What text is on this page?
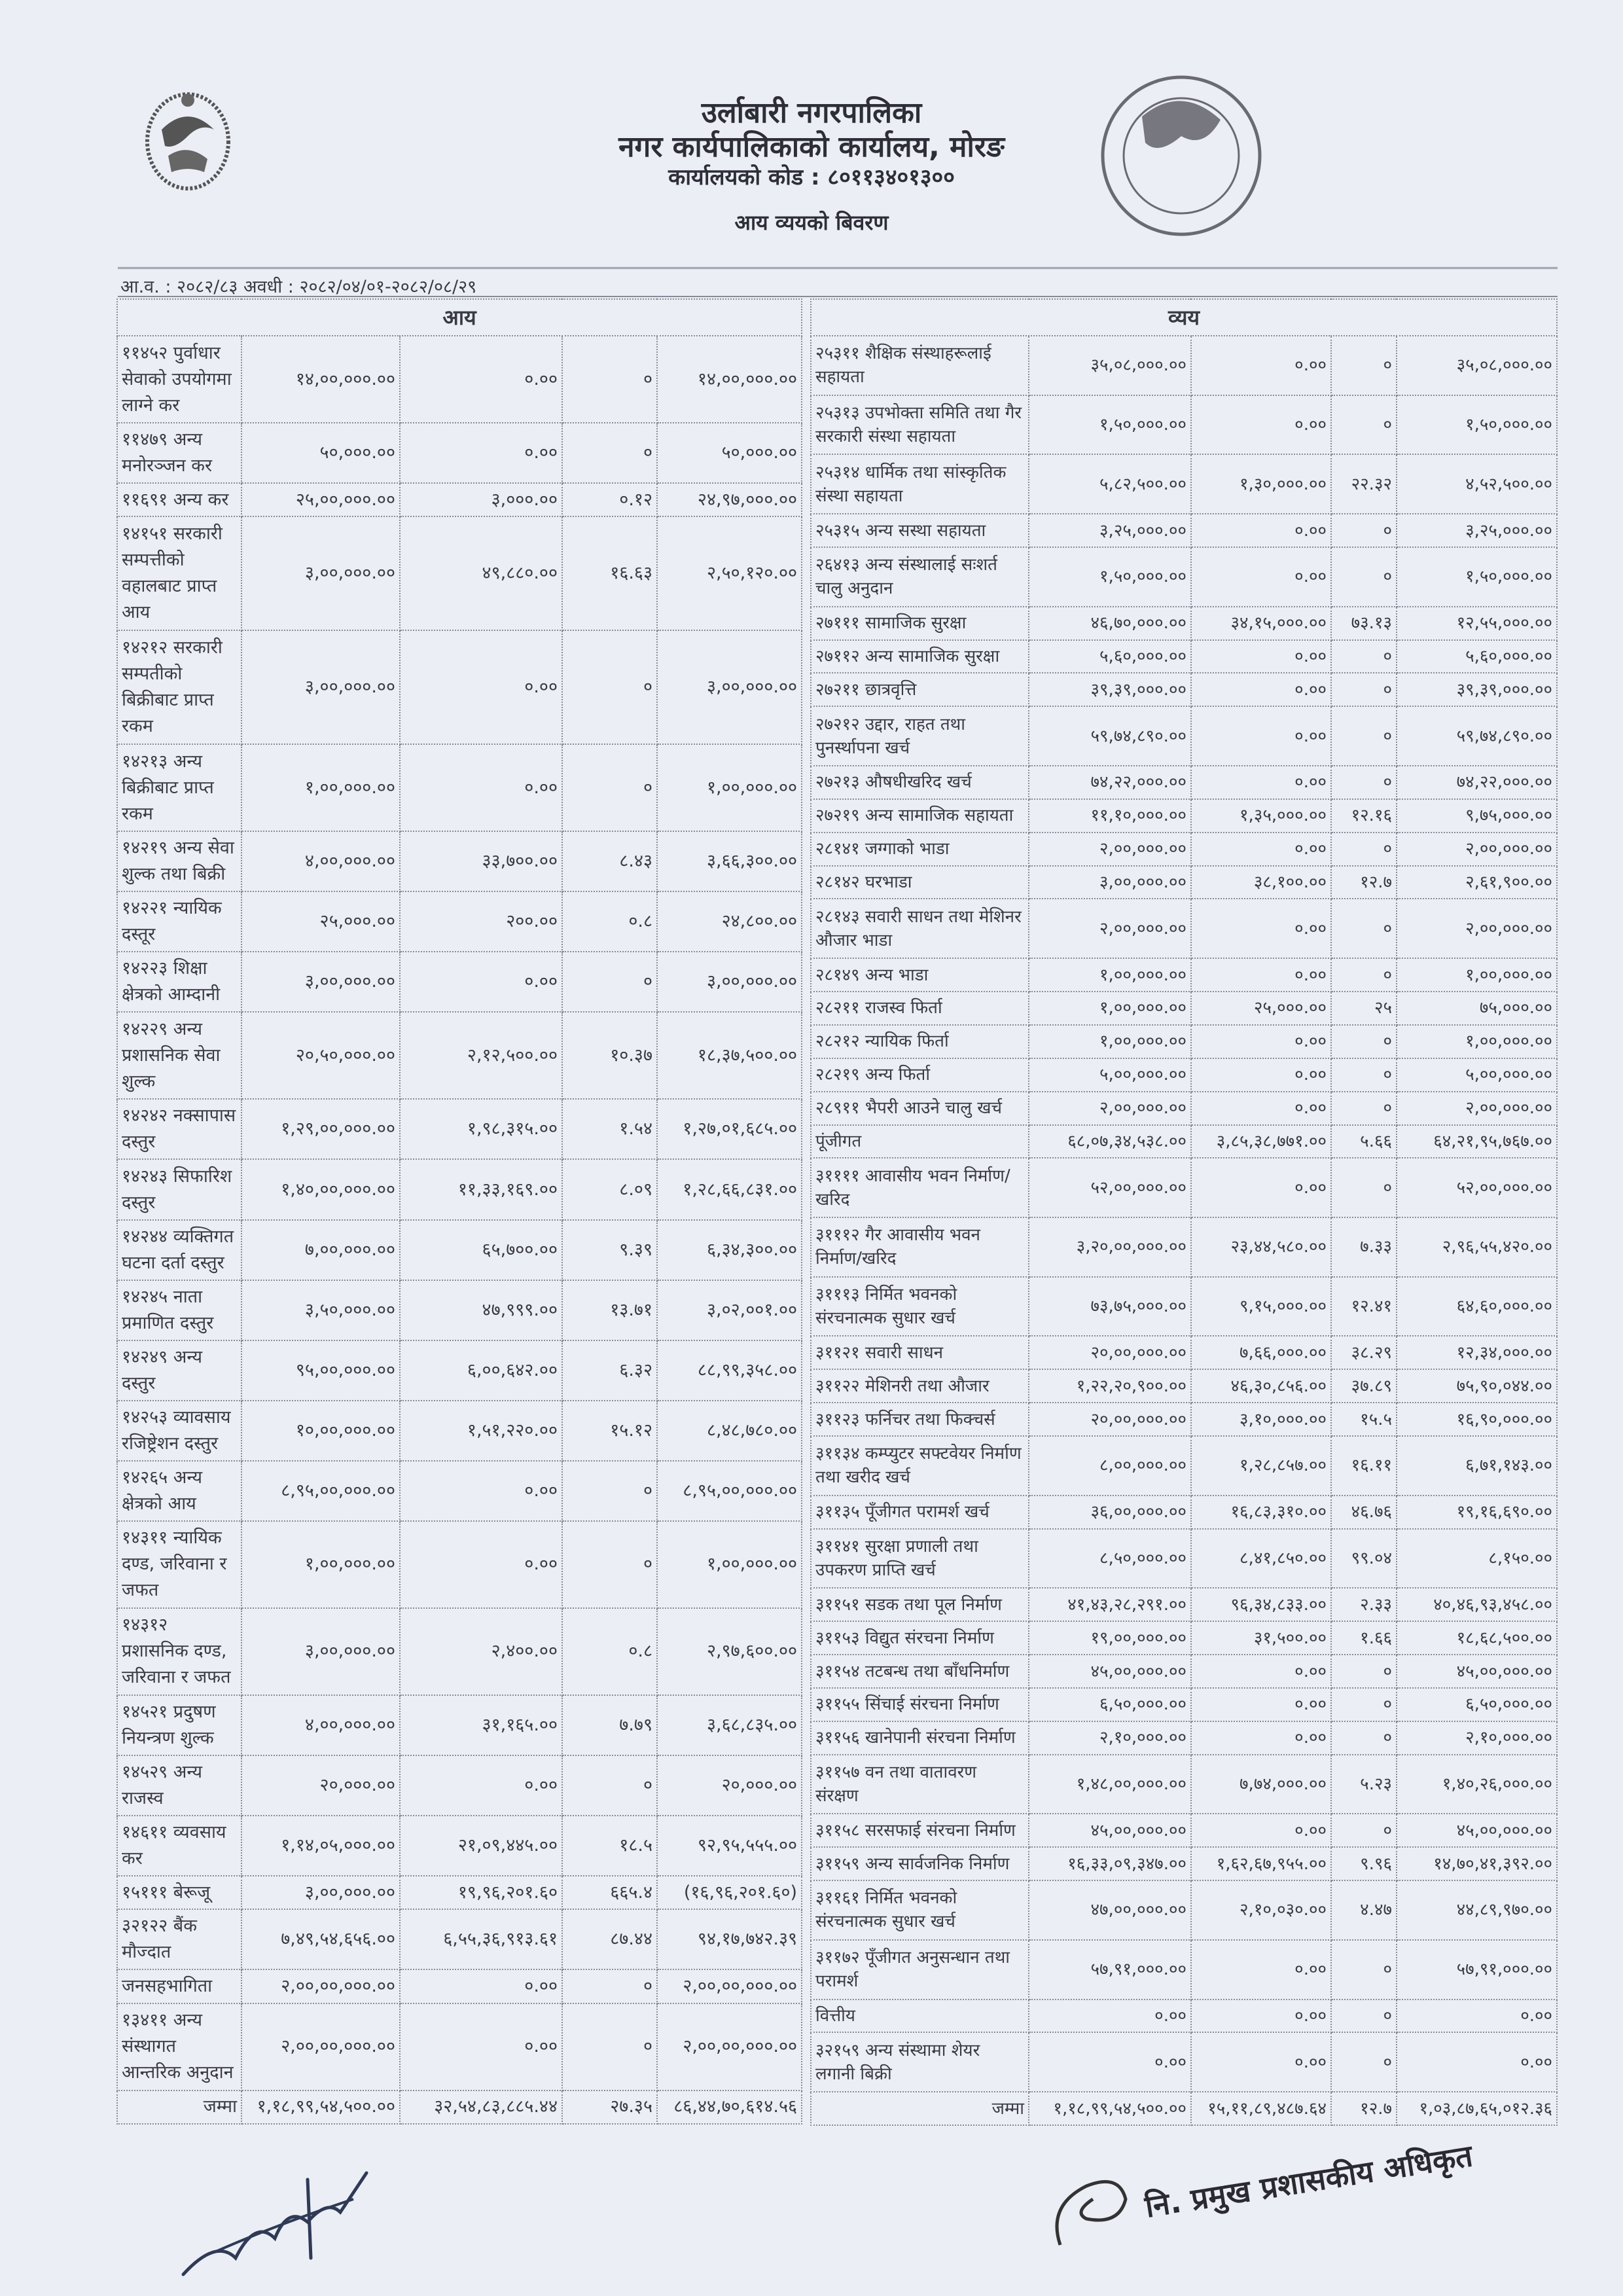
उर्लाबारी नगरपालिका
नगर कार्यपालिकाको कार्यालय, मोरङ
कार्यालयको कोड : ८०११३४०१३००
आय व्ययको बिवरण
आ.व. : २०८२/८३ अवधी : २०८२/०४/०१-२०८२/०८/२९
आय				
११४५२ पुर्वाधार सेवाको उपयोगमा लाग्ने कर	१४,००,०००.००	०.००	०	१४,००,०००.००
११४७९ अन्य मनोरञ्जन कर	५०,०००.००	०.००	०	५०,०००.००
११६९१ अन्य कर	२५,००,०००.००	३,०००.००	०.१२	२४,९७,०००.००
१४१५१ सरकारी सम्पत्तीको वहालबाट प्राप्त आय	३,००,०००.००	४९,८८०.००	१६.६३	२,५०,१२०.००
१४२१२ सरकारी सम्पतीको बिक्रीबाट प्राप्त रकम	३,००,०००.००	०.००	०	३,००,०००.००
१४२१३ अन्य बिक्रीबाट प्राप्त रकम	१,००,०००.००	०.००	०	१,००,०००.००
१४२१९ अन्य सेवा शुल्क तथा बिक्री	४,००,०००.००	३३,७००.००	८.४३	३,६६,३००.००
१४२२१ न्यायिक दस्तूर	२५,०००.००	२००.००	०.८	२४,८००.००
१४२२३ शिक्षा क्षेत्रको आम्दानी	३,००,०००.००	०.००	०	३,००,०००.००
१४२२९ अन्य प्रशासनिक सेवा शुल्क	२०,५०,०००.००	२,१२,५००.००	१०.३७	१८,३७,५००.००
१४२४२ नक्सापास दस्तुर	१,२९,००,०००.००	१,९८,३१५.००	१.५४	१,२७,०१,६८५.००
१४२४३ सिफारिश दस्तुर	१,४०,००,०००.००	११,३३,१६९.००	८.०९	१,२८,६६,८३१.००
१४२४४ व्यक्तिगत घटना दर्ता दस्तुर	७,००,०००.००	६५,७००.००	९.३९	६,३४,३००.००
१४२४५ नाता प्रमाणित दस्तुर	३,५०,०००.००	४७,९९९.००	१३.७१	३,०२,००१.००
१४२४९ अन्य दस्तुर	९५,००,०००.००	६,००,६४२.००	६.३२	८८,९९,३५८.००
१४२५३ व्यावसाय रजिष्ट्रेशन दस्तुर	१०,००,०००.००	१,५१,२२०.००	१५.१२	८,४८,७८०.००
१४२६५ अन्य क्षेत्रको आय	८,९५,००,०००.००	०.००	०	८,९५,००,०००.००
१४३११ न्यायिक दण्ड, जरिवाना र जफत	१,००,०००.००	०.००	०	१,००,०००.००
१४३१२ प्रशासनिक दण्ड, जरिवाना र जफत	३,००,०००.००	२,४००.००	०.८	२,९७,६००.००
१४५२१ प्रदुषण नियन्त्रण शुल्क	४,००,०००.००	३१,१६५.००	७.७९	३,६८,८३५.००
१४५२९ अन्य राजस्व	२०,०००.००	०.००	०	२०,०००.००
१४६११ व्यवसाय कर	१,१४,०५,०००.००	२१,०९,४४५.००	१८.५	९२,९५,५५५.००
१५१११ बेरूजू	३,००,०००.००	१९,९६,२०१.६०	६६५.४	(१६,९६,२०१.६०)
३२१२२ बैंक मौज्दात	७,४९,५४,६५६.००	६,५५,३६,९१३.६१	८७.४४	९४,१७,७४२.३९
जनसहभागिता	२,००,००,०००.००	०.००	०	२,००,००,०००.००
१३४११ अन्य संस्थागत आन्तरिक अनुदान	२,००,००,०००.००	०.००	०	२,००,००,०००.००
जम्मा	१,१८,९९,५४,५००.००	३२,५४,८३,८८५.४४	२७.३५	८६,४४,७०,६१४.५६
व्यय				
२५३११ शैक्षिक संस्थाहरूलाई सहायता	३५,०८,०००.००	०.००	०	३५,०८,०००.००
२५३१३ उपभोक्ता समिति तथा गैर सरकारी संस्था सहायता	१,५०,०००.००	०.००	०	१,५०,०००.००
२५३१४ धार्मिक तथा सांस्कृतिक संस्था सहायता	५,८२,५००.००	१,३०,०००.००	२२.३२	४,५२,५००.००
२५३१५ अन्य सस्था सहायता	३,२५,०००.००	०.००	०	३,२५,०००.००
२६४१३ अन्य संस्थालाई सःशर्त चालु अनुदान	१,५०,०००.००	०.००	०	१,५०,०००.००
२७१११ सामाजिक सुरक्षा	४६,७०,०००.००	३४,१५,०००.००	७३.१३	१२,५५,०००.००
२७११२ अन्य सामाजिक सुरक्षा	५,६०,०००.००	०.००	०	५,६०,०००.००
२७२११ छात्रवृत्ति	३९,३९,०००.००	०.००	०	३९,३९,०००.००
२७२१२ उद्दार, राहत तथा पुनर्स्थापना खर्च	५९,७४,८९०.००	०.००	०	५९,७४,८९०.००
२७२१३ औषधीखरिद खर्च	७४,२२,०००.००	०.००	०	७४,२२,०००.००
२७२१९ अन्य सामाजिक सहायता	११,१०,०००.००	१,३५,०००.००	१२.१६	९,७५,०००.००
२८१४१ जग्गाको भाडा	२,००,०००.००	०.००	०	२,००,०००.००
२८१४२ घरभाडा	३,००,०००.००	३८,१००.००	१२.७	२,६१,९००.००
२८१४३ सवारी साधन तथा मेशिनर औजार भाडा	२,००,०००.००	०.००	०	२,००,०००.००
२८१४९ अन्य भाडा	१,००,०००.००	०.००	०	१,००,०००.००
२८२११ राजस्व फिर्ता	१,००,०००.००	२५,०००.००	२५	७५,०००.००
२८२१२ न्यायिक फिर्ता	१,००,०००.००	०.००	०	१,००,०००.००
२८२१९ अन्य फिर्ता	५,००,०००.००	०.००	०	५,००,०००.००
२८९११ भैपरी आउने चालु खर्च	२,००,०००.००	०.००	०	२,००,०००.००
पूंजीगत	६८,०७,३४,५३८.००	३,८५,३८,७७१.००	५.६६	६४,२१,९५,७६७.००
३११११ आवासीय भवन निर्माण/ खरिद	५२,००,०००.००	०.००	०	५२,००,०००.००
३१११२ गैर आवासीय भवन निर्माण/खरिद	३,२०,००,०००.००	२३,४४,५८०.००	७.३३	२,९६,५५,४२०.००
३१११३ निर्मित भवनको संरचनात्मक सुधार खर्च	७३,७५,०००.००	९,१५,०००.००	१२.४१	६४,६०,०००.००
३११२१ सवारी साधन	२०,००,०००.००	७,६६,०००.००	३८.२९	१२,३४,०००.००
३११२२ मेशिनरी तथा औजार	१,२२,२०,९००.००	४६,३०,८५६.००	३७.८९	७५,९०,०४४.००
३११२३ फर्निचर तथा फिक्चर्स	२०,००,०००.००	३,१०,०००.००	१५.५	१६,९०,०००.००
३११३४ कम्प्युटर सफ्टवेयर निर्माण तथा खरीद खर्च	८,००,०००.००	१,२८,८५७.००	१६.११	६,७१,१४३.००
३११३५ पूँजीगत परामर्श खर्च	३६,००,०००.००	१६,८३,३१०.००	४६.७६	१९,१६,६९०.००
३११४१ सुरक्षा प्रणाली तथा उपकरण प्राप्ति खर्च	८,५०,०००.००	८,४१,८५०.००	९९.०४	८,१५०.००
३११५१ सडक तथा पूल निर्माण	४१,४३,२८,२९१.००	९६,३४,८३३.००	२.३३	४०,४६,९३,४५८.००
३११५३ विद्युत संरचना निर्माण	१९,००,०००.००	३१,५००.००	१.६६	१८,६८,५००.००
३११५४ तटबन्ध तथा बाँधनिर्माण	४५,००,०००.००	०.००	०	४५,००,०००.००
३११५५ सिंचाई संरचना निर्माण	६,५०,०००.००	०.००	०	६,५०,०००.००
३११५६ खानेपानी संरचना निर्माण	२,१०,०००.००	०.००	०	२,१०,०००.००
३११५७ वन तथा वातावरण संरक्षण	१,४८,००,०००.००	७,७४,०००.००	५.२३	१,४०,२६,०००.००
३११५८ सरसफाई संरचना निर्माण	४५,००,०००.००	०.००	०	४५,००,०००.००
३११५९ अन्य सार्वजनिक निर्माण	१६,३३,०९,३४७.००	१,६२,६७,९५५.००	९.९६	१४,७०,४१,३९२.००
३११६१ निर्मित भवनको संरचनात्मक सुधार खर्च	४७,००,०००.००	२,१०,०३०.००	४.४७	४४,८९,९७०.००
३११७२ पूँजीगत अनुसन्धान तथा परामर्श	५७,९१,०००.००	०.००	०	५७,९१,०००.००
वित्तीय	०.००	०.००	०	०.००
३२१५९ अन्य संस्थामा शेयर लगानी बिक्री	०.००	०.००	०	०.००
जम्मा	१,१८,९९,५४,५००.००	१५,११,८९,४८७.६४	१२.७	१,०३,८७,६५,०१२.३६
नि. प्रमुख प्रशासकीय अधिकृत
